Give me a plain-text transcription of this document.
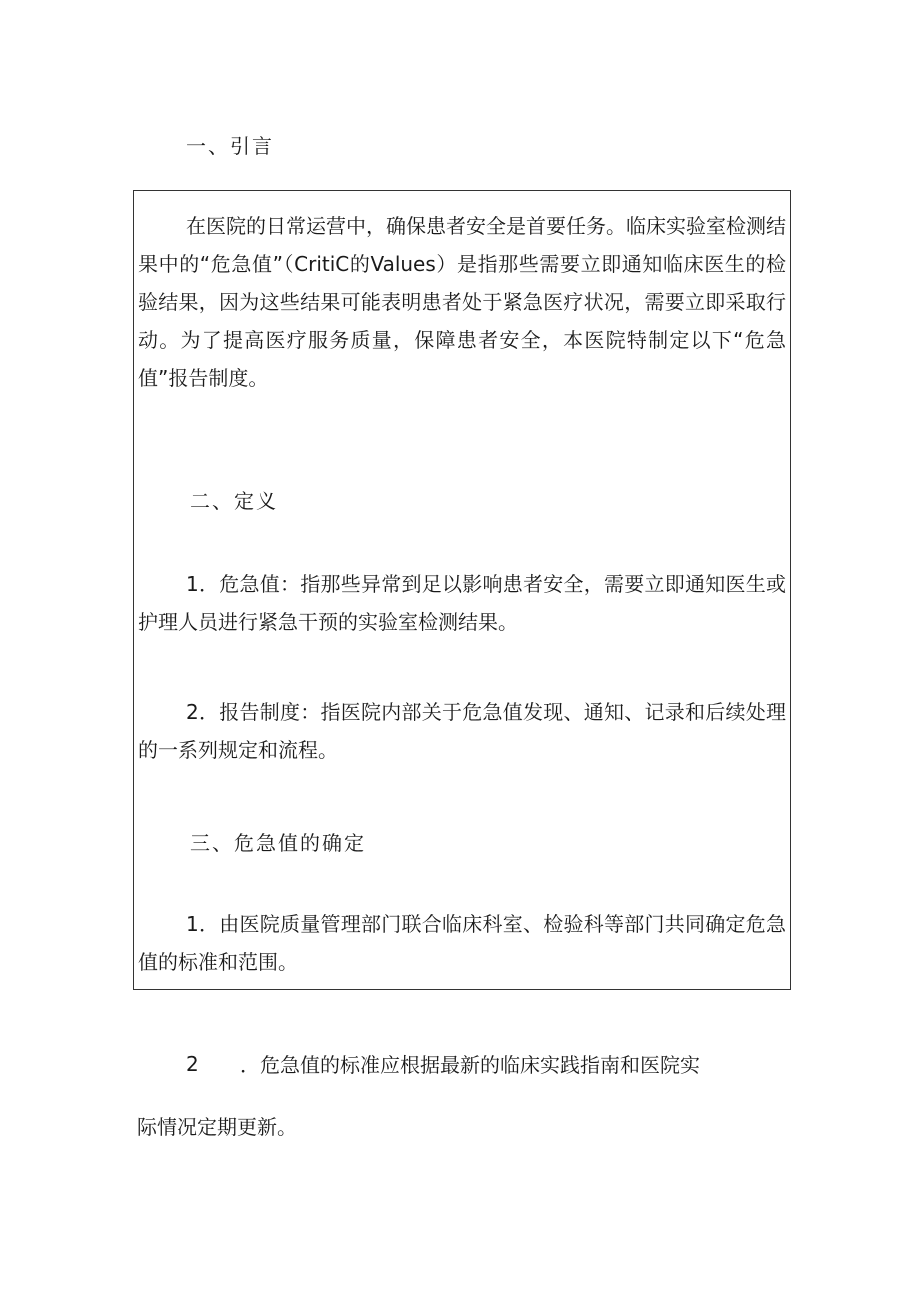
一、引言

在医院的日常运营中，确保患者安全是首要任务。临床实验室检测结果中的“危急值”（CritiC的Values）是指那些需要立即通知临床医生的检验结果，因为这些结果可能表明患者处于紧急医疗状况，需要立即采取行动。为了提高医疗服务质量，保障患者安全，本医院特制定以下“危急值”报告制度。

二、定义

1．危急值：指那些异常到足以影响患者安全，需要立即通知医生或护理人员进行紧急干预的实验室检测结果。

2．报告制度：指医院内部关于危急值发现、通知、记录和后续处理的一系列规定和流程。

三、危急值的确定

1．由医院质量管理部门联合临床科室、检验科等部门共同确定危急值的标准和范围。

2 ．危急值的标准应根据最新的临床实践指南和医院实
际情况定期更新。
